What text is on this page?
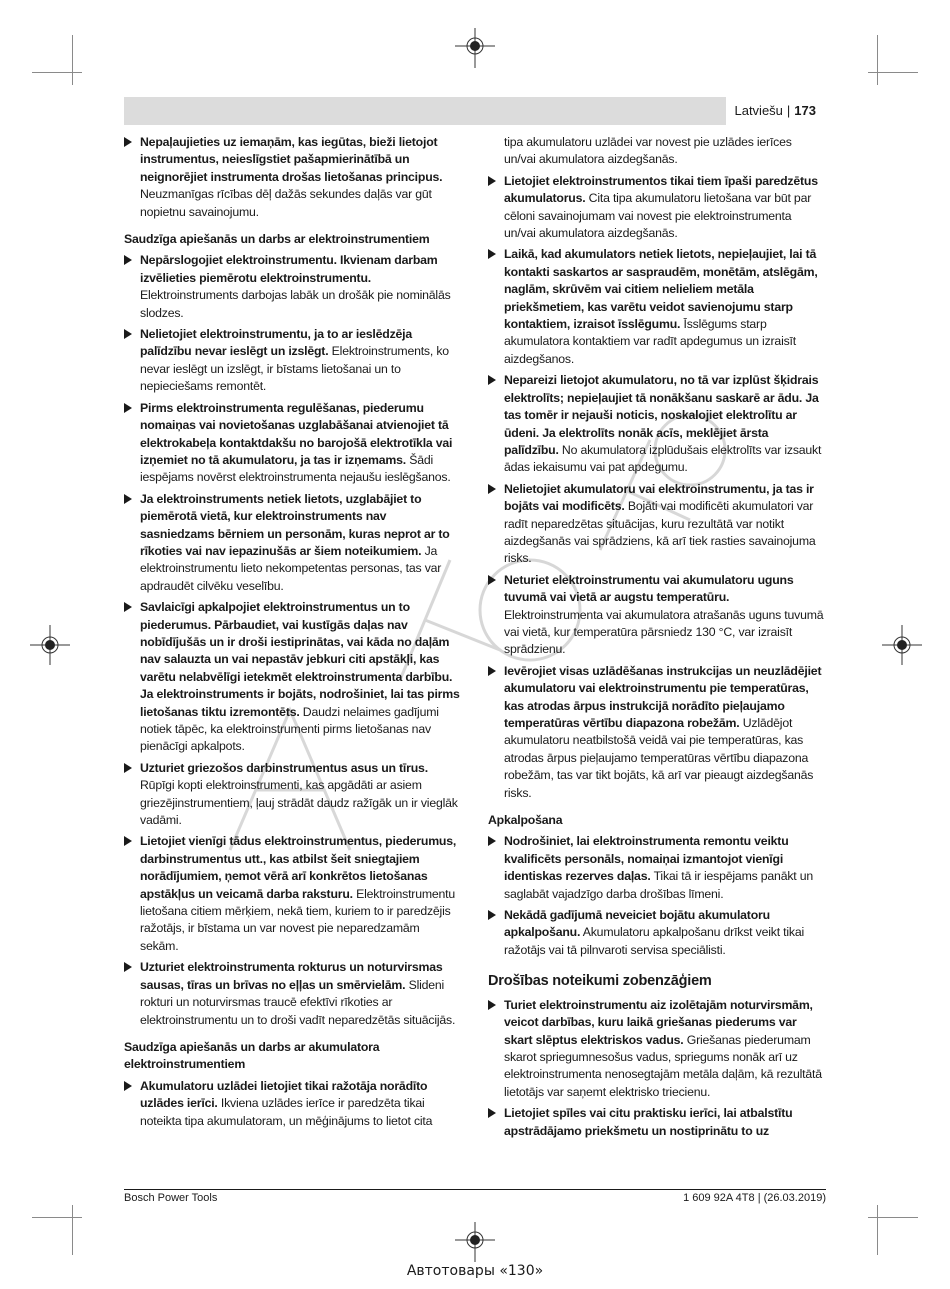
Latviešu | 173
Nepaļaujieties uz iemaņām, kas iegūtas, bieži lietojot instrumentus, neieslīgstiet pašapmierinātībā un neignorējiet instrumenta drošas lietošanas principus. Neuzmanīgas rīcības dēļ dažās sekundes daļās var gūt nopietnu savainojumu.
Saudzīga apiešanās un darbs ar elektroinstrumentiem
Nepārslogojiet elektroinstrumentu. Ikvienam darbam izvēlieties piemērotu elektroinstrumentu. Elektroinstruments darbojas labāk un drošāk pie nominālās slodzes.
Nelietojiet elektroinstrumentu, ja to ar ieslēdzēja palīdzību nevar ieslēgt un izslēgt. Elektroinstruments, ko nevar ieslēgt un izslēgt, ir bīstams lietošanai un to nepieciešams remontēt.
Pirms elektroinstrumenta regulēšanas, piederumu nomaiņas vai novietošanas uzglabāšanai atvienojiet tā elektrokabeļa kontaktdakšu no barojošā elektrotīkla vai izņemiet no tā akumulatoru, ja tas ir izņemams. Šādi iespējams novērst elektroinstrumenta nejaušu ieslēgšanos.
Ja elektroinstruments netiek lietots, uzglabājiet to piemērotā vietā, kur elektroinstruments nav sasniedzams bērniem un personām, kuras neprot ar to rīkoties vai nav iepazinušās ar šiem noteikumiem. Ja elektroinstrumentu lieto nekompetentas personas, tas var apdraudēt cilvēku veselību.
Savlaicīgi apkalpojiet elektroinstrumentus un to piederumus. Pārbaudiet, vai kustīgās daļas nav nobīdījušās un ir droši iestiprinātas, vai kāda no daļām nav salauzta un vai nepastāv jebkuri citi apstākļi, kas varētu nelabvēlīgi ietekmēt elektroinstrumenta darbību. Ja elektroinstruments ir bojāts, nodrošiniet, lai tas pirms lietošanas tiktu izremontēts. Daudzi nelaimes gadījumi notiek tāpēc, ka elektroinstrumenti pirms lietošanas nav pienācīgi apkalpots.
Uzturiet griezošos darbinstrumentus asus un tīrus. Rūpīgi kopti elektroinstrumenti, kas apgādāti ar asiem griezējinstrumentiem, ļauj strādāt daudz ražīgāk un ir vieglāk vadāmi.
Lietojiet vienīgi tādus elektroinstrumentus, piederumus, darbinstrumentus utt., kas atbilst šeit sniegtajiem norādījumiem, ņemot vērā arī konkrētos lietošanas apstākļus un veicamā darba raksturu. Elektroinstrumentu lietošana citiem mērķiem, nekā tiem, kuriem to ir paredzējis ražotājs, ir bīstama un var novest pie neparedzamām sekām.
Uzturiet elektroinstrumenta rokturus un noturvirsmas sausas, tīras un brīvas no eļļas un smērvielām. Slideni rokturi un noturvirsmas traucē efektīvi rīkoties ar elektroinstrumentu un to droši vadīt neparedzētās situācijās.
Saudzīga apiešanās un darbs ar akumulatora elektroinstrumentiem
Akumulatoru uzlādei lietojiet tikai ražotāja norādīto uzlādes ierīci. Ikviena uzlādes ierīce ir paredzēta tikai noteikta tipa akumulatoram, un mēģinājums to lietot cita
tipa akumulatoru uzlādei var novest pie uzlādes ierīces un/vai akumulatora aizdegšanās.
Lietojiet elektroinstrumentos tikai tiem īpaši paredzētus akumulatorus. Cita tipa akumulatoru lietošana var būt par cēloni savainojumam vai novest pie elektroinstrumenta un/vai akumulatora aizdegšanās.
Laikā, kad akumulators netiek lietots, nepieļaujiet, lai tā kontakti saskartos ar saspraudēm, monētām, atslēgām, naglām, skrūvēm vai citiem nelieliem metāla priekšmetiem, kas varētu veidot savienojumu starp kontaktiem, izraisot īsslēgumu. Īsslēgums starp akumulatora kontaktiem var radīt apdegumus un izraisīt aizdegšanos.
Nepareizi lietojot akumulatoru, no tā var izplūst šķidrais elektrolīts; nepieļaujiet tā nonākšanu saskarē ar ādu. Ja tas tomēr ir nejauši noticis, noskalojiet elektrolītu ar ūdeni. Ja elektrolīts nonāk acīs, meklējiet ārsta palīdzību. No akumulatora izplūdušais elektrolīts var izsaukt ādas iekaisumu vai pat apdegumu.
Nelietojiet akumulatoru vai elektroinstrumentu, ja tas ir bojāts vai modificēts. Bojāti vai modificēti akumulatori var radīt neparedzētas situācijas, kuru rezultātā var notikt aizdegšanās vai sprādziens, kā arī tiek rasties savainojuma risks.
Neturiet elektroinstrumentu vai akumulatoru uguns tuvumā vai vietā ar augstu temperatūru. Elektroinstrumenta vai akumulatora atrašanās uguns tuvumā vai vietā, kur temperatūra pārsniedz 130 °C, var izraisīt sprādzienu.
Ievērojiet visas uzlādēšanas instrukcijas un neuzlādējiet akumulatoru vai elektroinstrumentu pie temperatūras, kas atrodas ārpus instrukcijā norādīto pieļaujamo temperatūras vērtību diapazona robežām. Uzlādējot akumulatoru neatbilstošā veidā vai pie temperatūras, kas atrodas ārpus pieļaujamo temperatūras vērtību diapazona robežām, tas var tikt bojāts, kā arī var pieaugt aizdegšanās risks.
Apkalpošana
Nodrošiniet, lai elektroinstrumenta remontu veiktu kvalificēts personāls, nomaiņai izmantojot vienīgi identiskas rezerves daļas. Tikai tā ir iespējams panākt un saglabāt vajadzīgo darba drošības līmeni.
Nekādā gadījumā neveiciet bojātu akumulatoru apkalpošanu. Akumulatoru apkalpošanu drīkst veikt tikai ražotājs vai tā pilnvaroti servisa speciālisti.
Drošības noteikumi zobenzāģiem
Turiet elektroinstrumentu aiz izolētajām noturvirsmām, veicot darbības, kuru laikā griešanas piederums var skart slēptus elektriskos vadus. Griešanas piederumam skarot spriegumnesošus vadus, spriegums nonāk arī uz elektroinstrumenta nenosegtajām metāla daļām, kā rezultātā lietotājs var saņemt elektrisko triecienu.
Lietojiet spīles vai citu praktisku ierīci, lai atbalstītu apstrādājamo priekšmetu un nostiprinātu to uz
Bosch Power Tools	1 609 92A 4T8 | (26.03.2019)
Автотовары «130»
